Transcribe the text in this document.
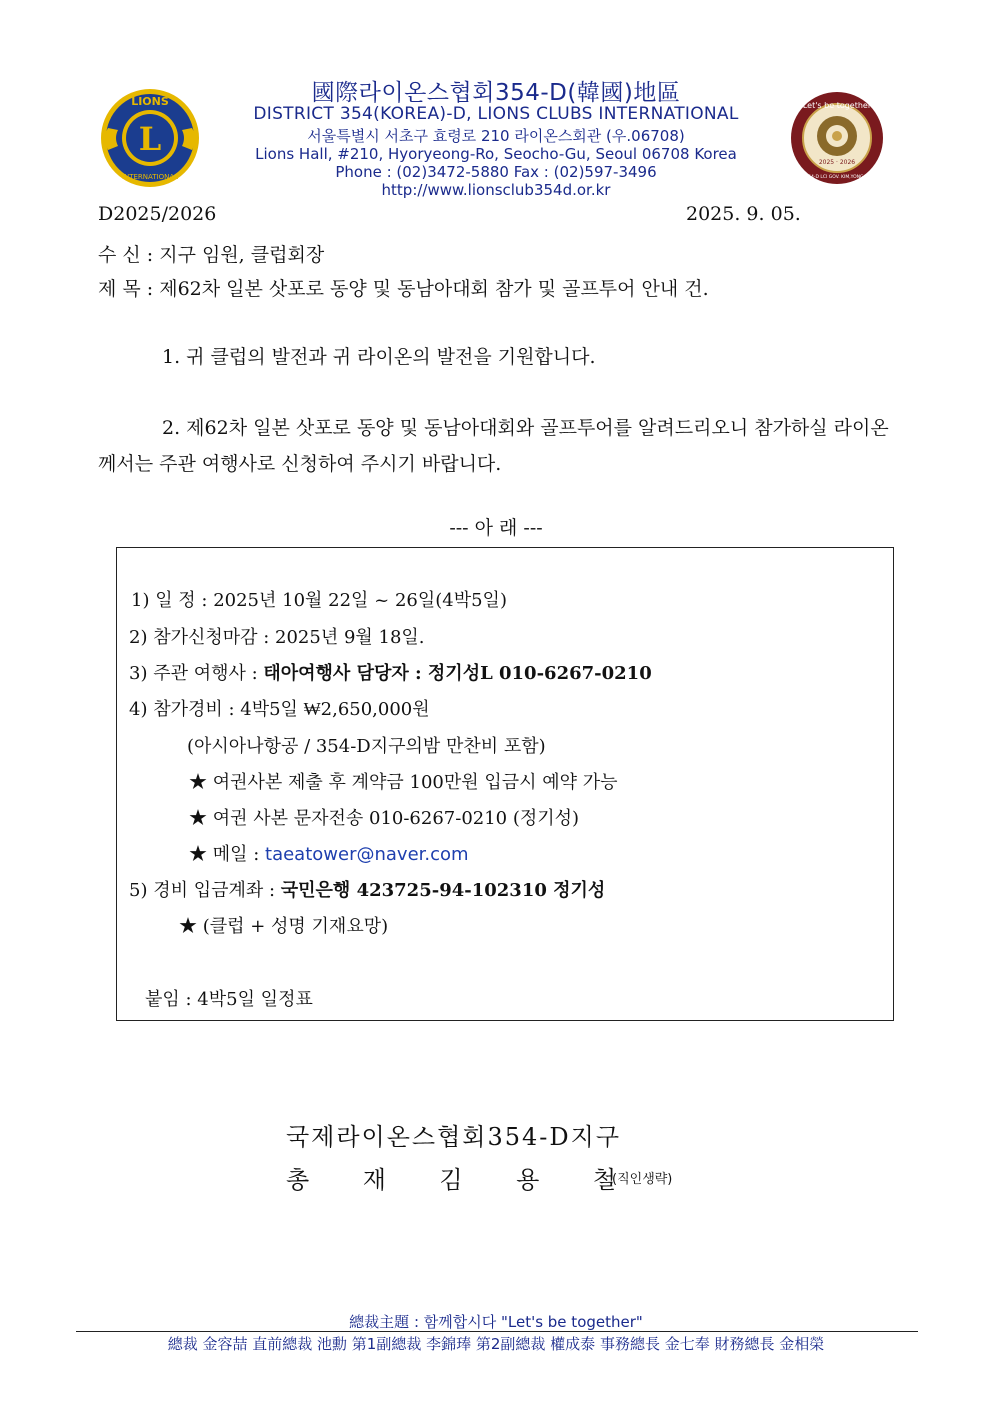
L
LIONS
INTERNATIONAL
Let's be together
2025 · 2026
DIST 354-D LCI GOV. KIM,YONG-CHEOL
國際라이온스협회354-D(韓國)地區
DISTRICT 354(KOREA)-D, LIONS CLUBS INTERNATIONAL
서울특별시 서초구 효령로 210 라이온스회관 (우.06708)
Lions Hall, #210, Hyoryeong-Ro, Seocho-Gu, Seoul 06708 Korea
Phone : (02)3472-5880 Fax : (02)597-3496
http://www.lionsclub354d.or.kr
D2025/2026	2025. 9. 05.
수 신 : 지구 임원, 클럽회장
제 목 : 제62차 일본 삿포로 동양 및 동남아대회 참가 및 골프투어 안내 건.
1. 귀 클럽의 발전과 귀 라이온의 발전을 기원합니다.
2. 제62차 일본 삿포로 동양 및 동남아대회와 골프투어를 알려드리오니 참가하실 라이온께서는 주관 여행사로 신청하여 주시기 바랍니다.
--- 아 래 ---
1) 일 정 : 2025년 10월 22일 ~ 26일(4박5일)
2) 참가신청마감 : 2025년 9월 18일.
3) 주관 여행사 : 태아여행사 담당자 : 정기성L 010-6267-0210
4) 참가경비 : 4박5일 ₩2,650,000원
(아시아나항공 / 354-D지구의밤 만찬비 포함)
★ 여권사본 제출 후 계약금 100만원 입금시 예약 가능
★ 여권 사본 문자전송 010-6267-0210 (정기성)
★ 메일 : taeatower@naver.com
5) 경비 입금계좌 : 국민은행 423725-94-102310 정기성
★ (클럽 + 성명 기재요망)
붙임 : 4박5일 일정표
국제라이온스협회354-D지구
총 재 김 용 철
(직인생략)
總裁主題 : 함께합시다 "Let's be together"
總裁 金容喆 直前總裁 池勳 第1副總裁 李錦琫 第2副總裁 權成泰 事務總長 金七奉 財務總長 金相榮
